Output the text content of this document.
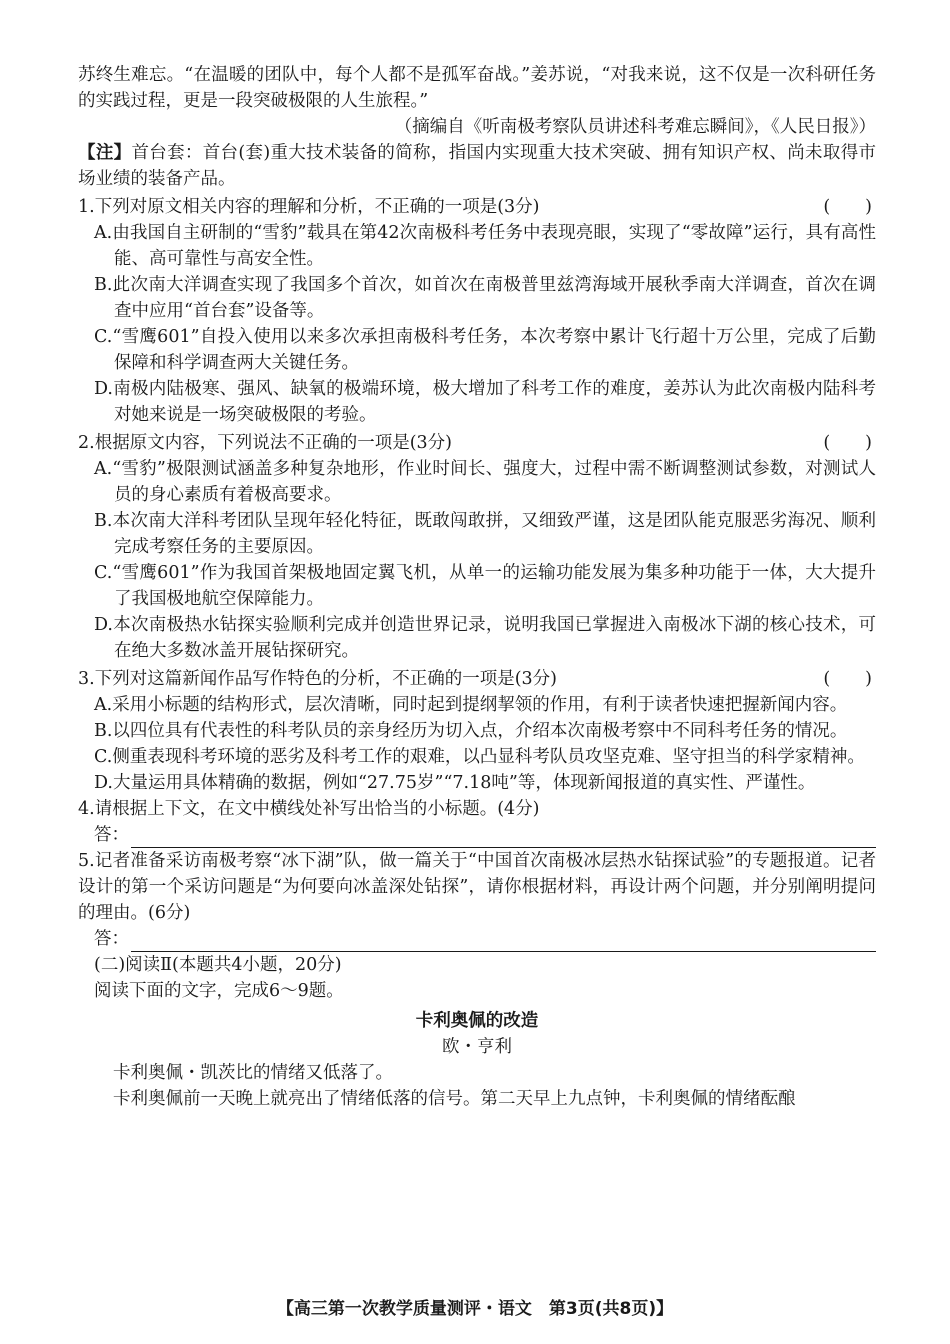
苏终生难忘。“在温暖的团队中，每个人都不是孤军奋战。”姜苏说，“对我来说，这不仅是一次科研任务的实践过程，更是一段突破极限的人生旅程。”

（摘编自《听南极考察队员讲述科考难忘瞬间》，《人民日报》）

【注】首台套：首台(套)重大技术装备的简称，指国内实现重大技术突破、拥有知识产权、尚未取得市场业绩的装备产品。

1.下列对原文相关内容的理解和分析，不正确的一项是(3分)	(　　)

A.由我国自主研制的“雪豹”载具在第42次南极科考任务中表现亮眼，实现了“零故障”运行，具有高性能、高可靠性与高安全性。

B.此次南大洋调查实现了我国多个首次，如首次在南极普里兹湾海域开展秋季南大洋调查，首次在调查中应用“首台套”设备等。

C.“雪鹰601”自投入使用以来多次承担南极科考任务，本次考察中累计飞行超十万公里，完成了后勤保障和科学调查两大关键任务。

D.南极内陆极寒、强风、缺氧的极端环境，极大增加了科考工作的难度，姜苏认为此次南极内陆科考对她来说是一场突破极限的考验。

2.根据原文内容，下列说法不正确的一项是(3分)	(　　)

A.“雪豹”极限测试涵盖多种复杂地形，作业时间长、强度大，过程中需不断调整测试参数，对测试人员的身心素质有着极高要求。

B.本次南大洋科考团队呈现年轻化特征，既敢闯敢拼，又细致严谨，这是团队能克服恶劣海况、顺利完成考察任务的主要原因。

C.“雪鹰601”作为我国首架极地固定翼飞机，从单一的运输功能发展为集多种功能于一体，大大提升了我国极地航空保障能力。

D.本次南极热水钻探实验顺利完成并创造世界记录，说明我国已掌握进入南极冰下湖的核心技术，可在绝大多数冰盖开展钻探研究。

3.下列对这篇新闻作品写作特色的分析，不正确的一项是(3分)	(　　)

A.采用小标题的结构形式，层次清晰，同时起到提纲挈领的作用，有利于读者快速把握新闻内容。

B.以四位具有代表性的科考队员的亲身经历为切入点，介绍本次南极考察中不同科考任务的情况。

C.侧重表现科考环境的恶劣及科考工作的艰难，以凸显科考队员攻坚克难、坚守担当的科学家精神。

D.大量运用具体精确的数据，例如“27.75岁”“7.18吨”等，体现新闻报道的真实性、严谨性。

4.请根据上下文，在文中横线处补写出恰当的小标题。(4分)

答：

5.记者准备采访南极考察“冰下湖”队，做一篇关于“中国首次南极冰层热水钻探试验”的专题报道。记者设计的第一个采访问题是“为何要向冰盖深处钻探”，请你根据材料，再设计两个问题，并分别阐明提问的理由。(6分)

答：

(二)阅读Ⅱ(本题共4小题，20分)

阅读下面的文字，完成6～9题。

卡利奥佩的改造

欧・亨利

卡利奥佩・凯茨比的情绪又低落了。

卡利奥佩前一天晚上就亮出了情绪低落的信号。第二天早上九点钟，卡利奥佩的情绪酝酿

【高三第一次教学质量测评・语文　第3页(共8页)】
